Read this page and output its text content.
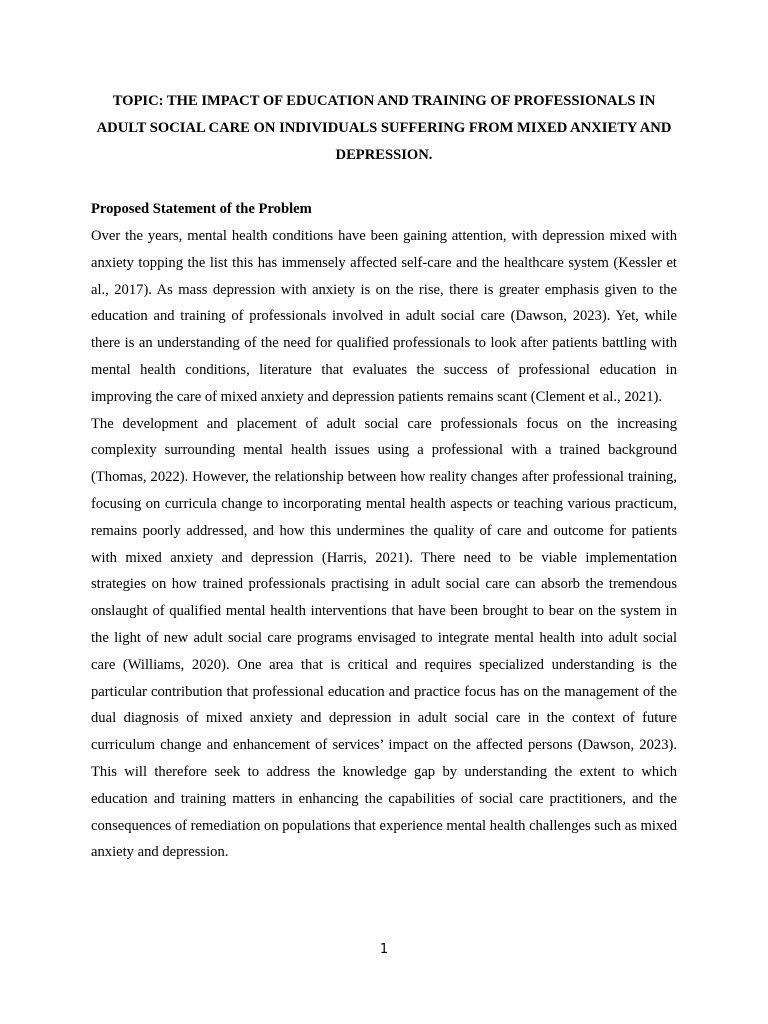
TOPIC: THE IMPACT OF EDUCATION AND TRAINING OF PROFESSIONALS IN ADULT SOCIAL CARE ON INDIVIDUALS SUFFERING FROM MIXED ANXIETY AND DEPRESSION.
Proposed Statement of the Problem

Over the years, mental health conditions have been gaining attention, with depression mixed with anxiety topping the list this has immensely affected self-care and the healthcare system (Kessler et al., 2017). As mass depression with anxiety is on the rise, there is greater emphasis given to the education and training of professionals involved in adult social care (Dawson, 2023). Yet, while there is an understanding of the need for qualified professionals to look after patients battling with mental health conditions, literature that evaluates the success of professional education in improving the care of mixed anxiety and depression patients remains scant (Clement et al., 2021).

The development and placement of adult social care professionals focus on the increasing complexity surrounding mental health issues using a professional with a trained background (Thomas, 2022). However, the relationship between how reality changes after professional training, focusing on curricula change to incorporating mental health aspects or teaching various practicum, remains poorly addressed, and how this undermines the quality of care and outcome for patients with mixed anxiety and depression (Harris, 2021). There need to be viable implementation strategies on how trained professionals practising in adult social care can absorb the tremendous onslaught of qualified mental health interventions that have been brought to bear on the system in the light of new adult social care programs envisaged to integrate mental health into adult social care (Williams, 2020). One area that is critical and requires specialized understanding is the particular contribution that professional education and practice focus has on the management of the dual diagnosis of mixed anxiety and depression in adult social care in the context of future curriculum change and enhancement of services’ impact on the affected persons (Dawson, 2023). This will therefore seek to address the knowledge gap by understanding the extent to which education and training matters in enhancing the capabilities of social care practitioners, and the consequences of remediation on populations that experience mental health challenges such as mixed anxiety and depression.

1
